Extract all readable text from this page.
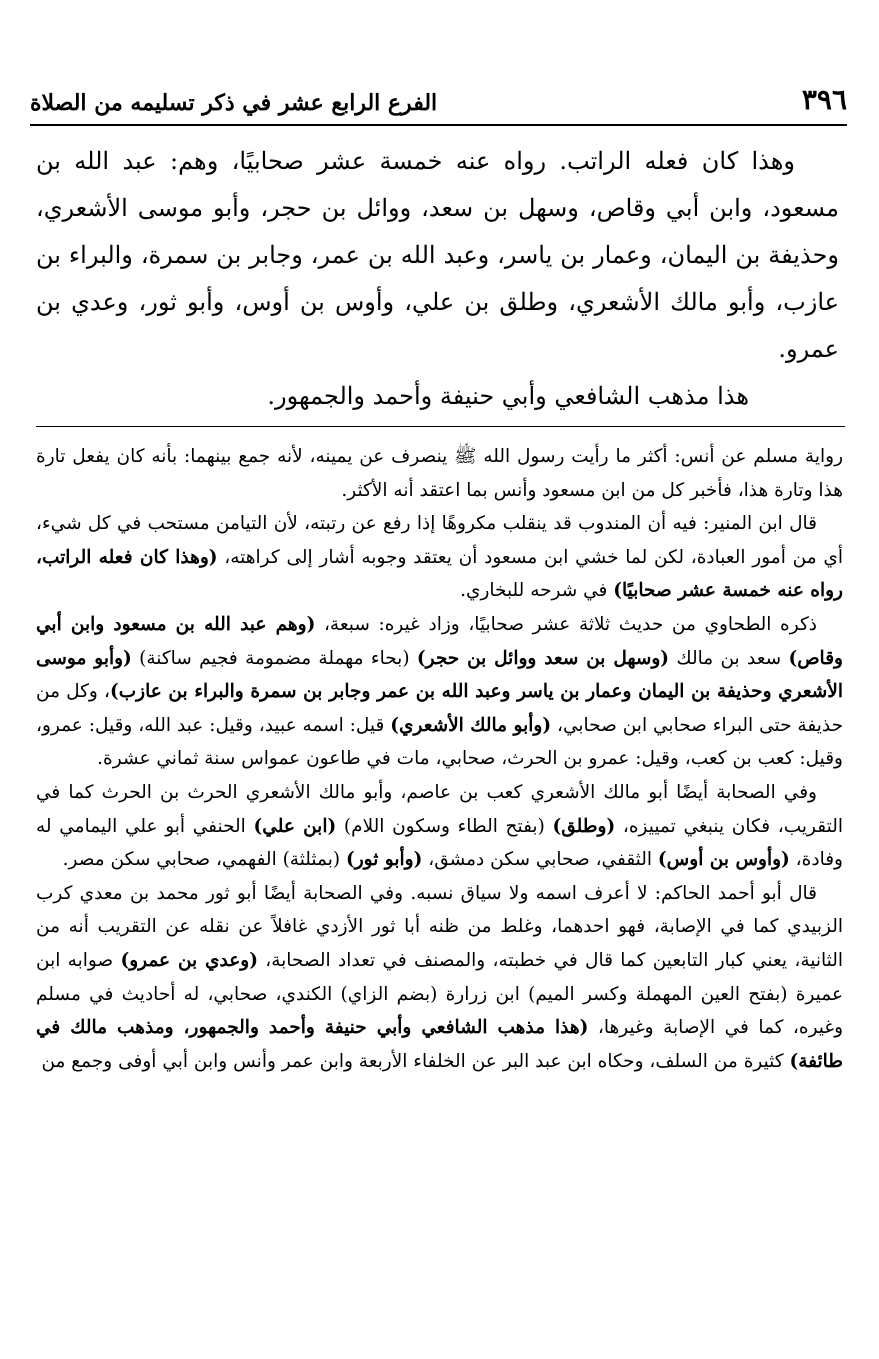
٣٩٦
الفرع الرابع عشر في ذكر تسليمه من الصلاة

وهذا كان فعله الراتب. رواه عنه خمسة عشر صحابيًا، وهم: عبد الله بن مسعود، وابن أبي وقاص، وسهل بن سعد، ووائل بن حجر، وأبو موسى الأشعري، وحذيفة بن اليمان، وعمار بن ياسر، وعبد الله بن عمر، وجابر بن سمرة، والبراء بن عازب، وأبو مالك الأشعري، وطلق بن علي، وأوس بن أوس، وأبو ثور، وعدي بن عمرو.

هذا مذهب الشافعي وأبي حنيفة وأحمد والجمهور.

رواية مسلم عن أنس: أكثر ما رأيت رسول الله ﷺ ينصرف عن يمينه، لأنه جمع بينهما: بأنه كان يفعل تارة هذا وتارة هذا، فأخبر كل من ابن مسعود وأنس بما اعتقد أنه الأكثر.

قال ابن المنير: فيه أن المندوب قد ينقلب مكروهًا إذا رفع عن رتبته، لأن التيامن مستحب في كل شيء، أي من أمور العبادة، لكن لما خشي ابن مسعود أن يعتقد وجوبه أشار إلى كراهته، (وهذا كان فعله الراتب، رواه عنه خمسة عشر صحابيًا) في شرحه للبخاري.

ذكره الطحاوي من حديث ثلاثة عشر صحابيًا، وزاد غيره: سبعة، (وهم عبد الله بن مسعود وابن أبي وقاص) سعد بن مالك (وسهل بن سعد ووائل بن حجر) (بحاء مهملة مضمومة فجيم ساكنة) (وأبو موسى الأشعري وحذيفة بن اليمان وعمار بن ياسر وعبد الله بن عمر وجابر بن سمرة والبراء بن عازب)، وكل من حذيفة حتى البراء صحابي ابن صحابي، (وأبو مالك الأشعري) قيل: اسمه عبيد، وقيل: عبد الله، وقيل: عمرو، وقيل: كعب بن كعب، وقيل: عمرو بن الحرث، صحابي، مات في طاعون عمواس سنة ثماني عشرة.

وفي الصحابة أيضًا أبو مالك الأشعري كعب بن عاصم، وأبو مالك الأشعري الحرث بن الحرث كما في التقريب، فكان ينبغي تمييزه، (وطلق) (بفتح الطاء وسكون اللام) (ابن علي) الحنفي أبو علي اليمامي له وفادة، (وأوس بن أوس) الثقفي، صحابي سكن دمشق، (وأبو ثور) (بمثلثة) الفهمي، صحابي سكن مصر.

قال أبو أحمد الحاكم: لا أعرف اسمه ولا سياق نسبه. وفي الصحابة أيضًا أبو ثور محمد بن معدي كرب الزبيدي كما في الإصابة، فهو احدهما، وغلط من ظنه أبا ثور الأزدي غافلاً عن نقله عن التقريب أنه من الثانية، يعني كبار التابعين كما قال في خطبته، والمصنف في تعداد الصحابة، (وعدي بن عمرو) صوابه ابن عميرة (بفتح العين المهملة وكسر الميم) ابن زرارة (بضم الزاي) الكندي، صحابي، له أحاديث في مسلم وغيره، كما في الإصابة وغيرها، (هذا مذهب الشافعي وأبي حنيفة وأحمد والجمهور، ومذهب مالك في طائفة) كثيرة من السلف، وحكاه ابن عبد البر عن الخلفاء الأربعة وابن عمر وأنس وابن أبي أوفى وجمع من
